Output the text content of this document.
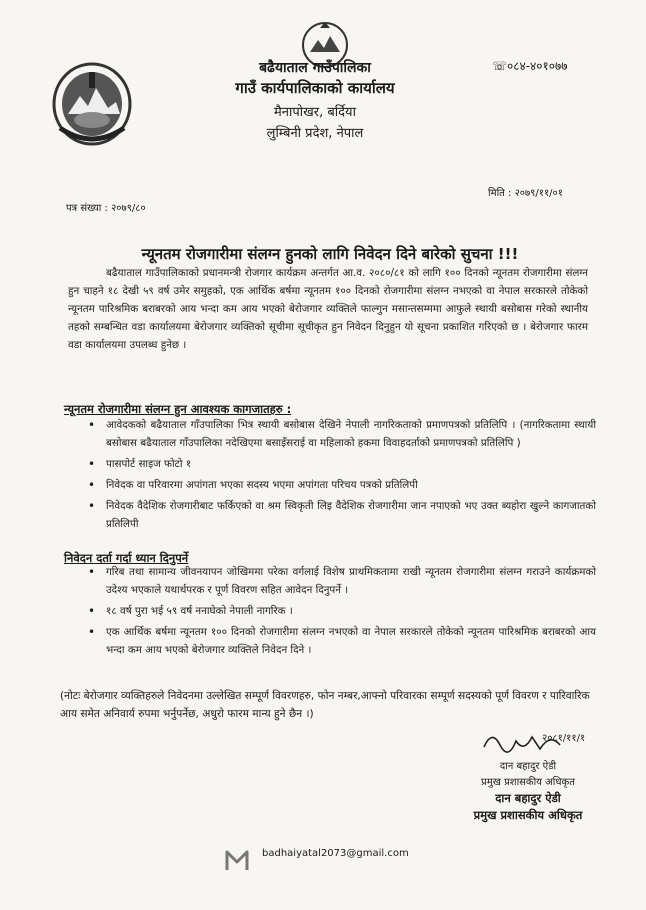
बढैयाताल गाउँपालिका
गाउँ कार्यपालिकाको कार्यालय
मैनापोखर, बर्दिया
लुम्बिनी प्रदेश, नेपाल
☏०८४-४०१०७७
पत्र संख्या : २०७९/८०
मिति : २०७९/११/०१
न्यूनतम रोजगारीमा संलग्न हुनको लागि निवेदन दिने बारेको सुचना !!!

बढैयाताल गाउँपालिकाको प्रधानमन्त्री रोजगार कार्यक्रम अन्तर्गत आ.व. २०८०/८१ को लागि १०० दिनको न्यूनतम रोजगारीमा संलग्न हुन चाहने १८ देखी ५९ वर्ष उमेर समुहको, एक आर्थिक बर्षमा न्यूनतम १०० दिनको रोजगारीमा संलग्न नभएको वा नेपाल सरकारले तोकेको न्यूनतम पारिश्रमिक बराबरको आय भन्दा कम आय भएको बेरोजगार व्यक्तिले फाल्गुन मसान्तसम्ममा आफुले स्थायी बसोबास गरेको स्थानीय तहको सम्बन्धित वडा कार्यालयमा बेरोजगार व्यक्तिको सूचीमा सूचीकृत हुन निवेदन दिनुहुन यो सूचना प्रकाशित गरिएको छ । बेरोजगार फारम वडा कार्यालयमा उपलब्ध हुनेछ ।

न्यूनतम रोजगारीमा संलग्न हुन आवश्यक कागजातहरु :
• आवेदकको बढैयाताल गाँउपालिका भित्र स्थायी बसोबास देखिने नेपाली नागरिकताको प्रमाणपत्रको प्रतिलिपि । (नागरिकतामा स्थायी बसोबास बढैयाताल गाँउपालिका नदेखिएमा बसाइँसराई वा महिलाको हकमा विवाहदर्ताको प्रमाणपत्रको प्रतिलिपि )
• पासपोर्ट साइज फोटो १
• निवेदक वा परिवारमा अपांगता भएका सदस्य भएमा अपांगता परिचय पत्रको प्रतिलिपी
• निवेदक वैदेशिक रोजगारीबाट फर्किएको वा श्रम स्विकृती लिइ वैदेशिक रोजगारीमा जान नपाएको भए उक्त ब्यहोरा खुल्ने कागजातको प्रतिलिपी
निवेदन दर्ता गर्दा ध्यान दिनुपर्ने
• गरिब तथा सामान्य जीवनयापन जोखिममा परेका वर्गलाई विशेष प्राथमिकतामा राखी न्यूनतम रोजगारीमा संलग्न गराउने कार्यक्रमको उदेश्य भएकाले यथार्थपरक र पूर्ण विवरण सहित आवेदन दिनुपर्ने ।
• १८ वर्ष पुरा भई ५९ वर्ष ननाघेको नेपाली नागरिक ।
• एक आर्थिक बर्षमा न्यूनतम १०० दिनको रोजगारीमा संलग्न नभएको वा नेपाल सरकारले तोकेको न्यूनतम पारिश्रमिक बराबरको आय भन्दा कम आय भएको बेरोजगार व्यक्तिले निवेदन दिने ।
(नोटः बेरोजगार व्यक्तिहरुले निवेदनमा उल्लेखित सम्पूर्ण विवरणहरु, फोन नम्बर,आफ्नो परिवारका सम्पूर्ण सदस्यको पूर्ण विवरण र पारिवारिक आय समेत अनिवार्य रुपमा भर्नुपर्नेछ, अधुरो फारम मान्य हुने छैन ।)
२०८१/११/१
दान बहादुर ऐडी
प्रमुख प्रशासकीय अधिकृत
दान बहादुर ऐडी
प्रमुख प्रशासकीय अधिकृत
badhaiyatal2073@gmail.com
